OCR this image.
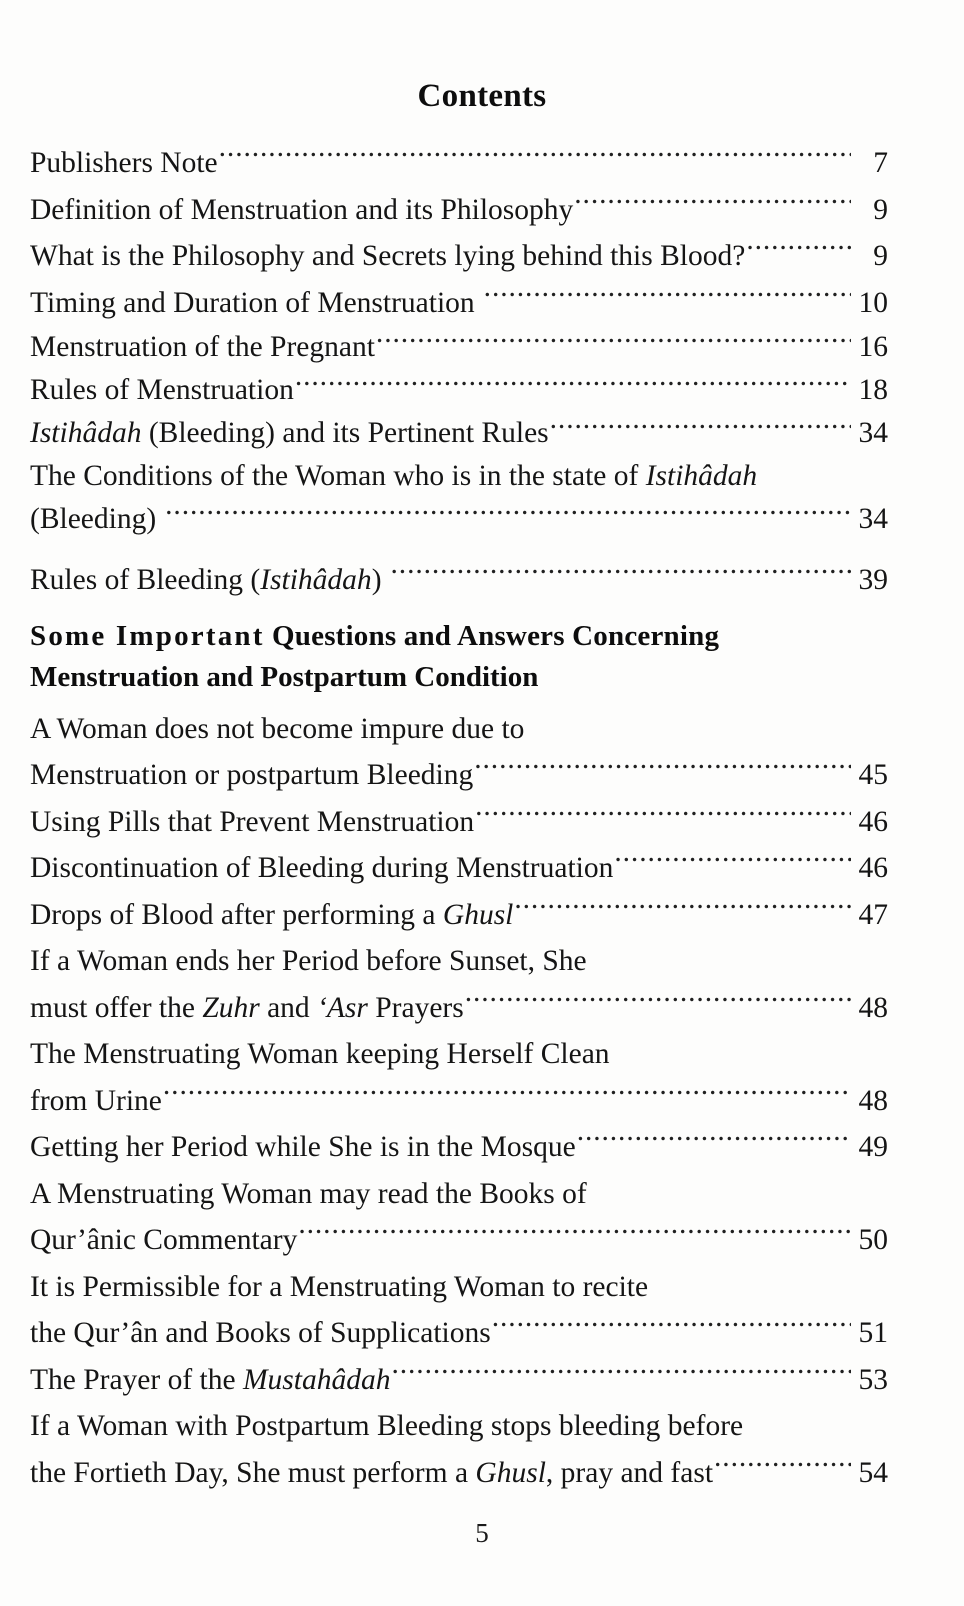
Contents
Publishers Note .....	7
Definition of Menstruation and its Philosophy .....	9
What is the Philosophy and Secrets lying behind this Blood? .....	9
Timing and Duration of Menstruation .....	10
Menstruation of the Pregnant .....	16
Rules of Menstruation .....	18
Istihâdah (Bleeding) and its Pertinent Rules .....	34
The Conditions of the Woman who is in the state of Istihâdah
(Bleeding) .....	34
Rules of Bleeding (Istihâdah) .....	39
Some Important Questions and Answers Concerning
Menstruation and Postpartum Condition
A Woman does not become impure due to
Menstruation or postpartum Bleeding .....	45
Using Pills that Prevent Menstruation .....	46
Discontinuation of Bleeding during Menstruation .....	46
Drops of Blood after performing a Ghusl .....	47
If a Woman ends her Period before Sunset, She
must offer the Zuhr and ‘Asr Prayers .....	48
The Menstruating Woman keeping Herself Clean
from Urine .....	48
Getting her Period while She is in the Mosque .....	49
A Menstruating Woman may read the Books of
Qur’ânic Commentary .....	50
It is Permissible for a Menstruating Woman to recite
the Qur’ân and Books of Supplications .....	51
The Prayer of the Mustahâdah .....	53
If a Woman with Postpartum Bleeding stops bleeding before
the Fortieth Day, She must perform a Ghusl, pray and fast .....	54
5
